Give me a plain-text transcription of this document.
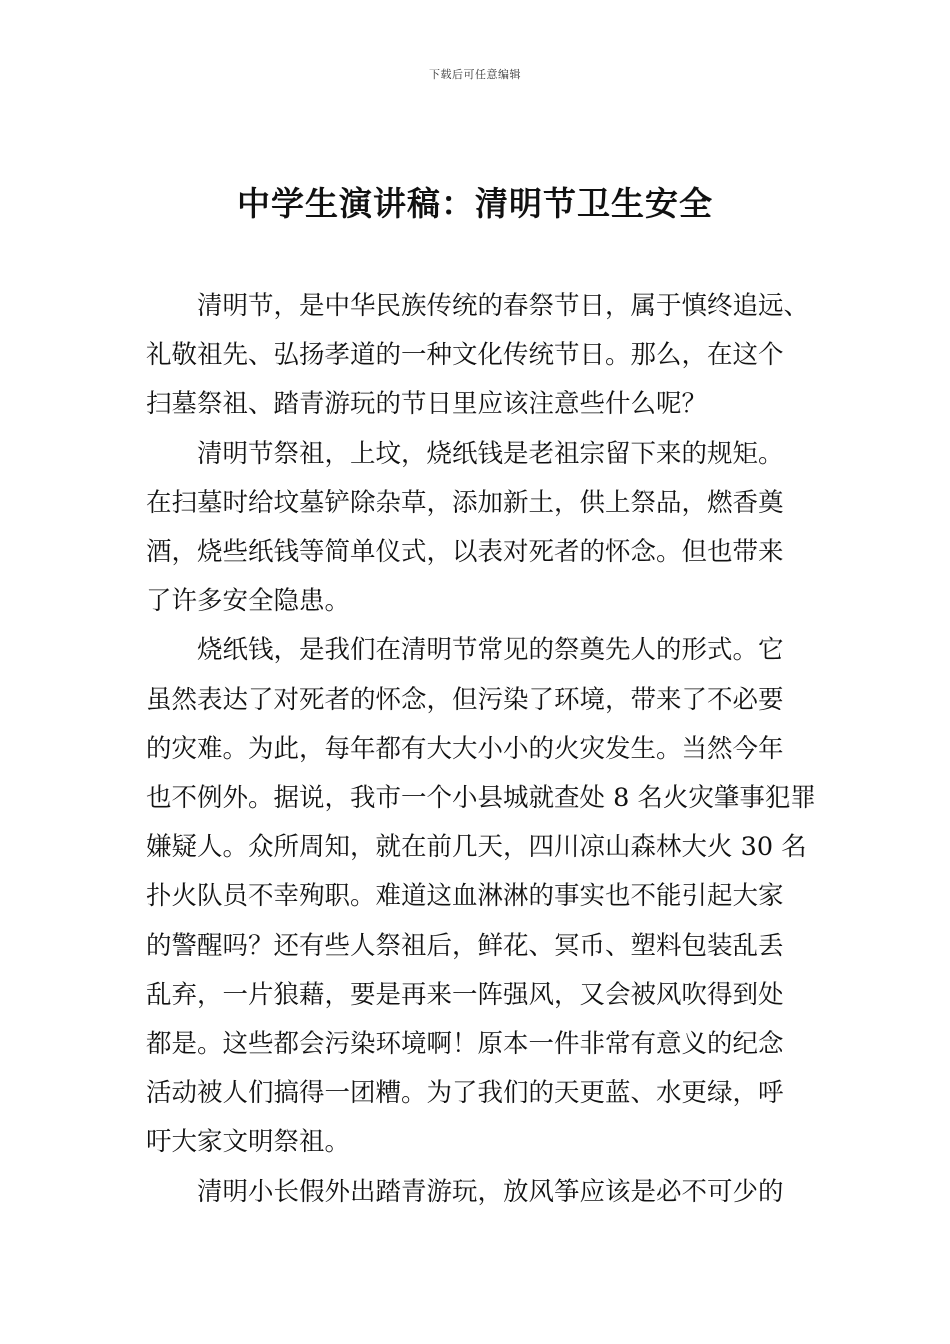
下载后可任意编辑
中学生演讲稿：清明节卫生安全
清明节，是中华民族传统的春祭节日，属于慎终追远、
礼敬祖先、弘扬孝道的一种文化传统节日。那么，在这个
扫墓祭祖、踏青游玩的节日里应该注意些什么呢？
清明节祭祖，上坟，烧纸钱是老祖宗留下来的规矩。
在扫墓时给坟墓铲除杂草，添加新土，供上祭品，燃香奠
酒，烧些纸钱等简单仪式，以表对死者的怀念。但也带来
了许多安全隐患。
烧纸钱，是我们在清明节常见的祭奠先人的形式。它
虽然表达了对死者的怀念，但污染了环境，带来了不必要
的灾难。为此，每年都有大大小小的火灾发生。当然今年
也不例外。据说，我市一个小县城就查处 8 名火灾肇事犯罪
嫌疑人。众所周知，就在前几天，四川凉山森林大火 30 名
扑火队员不幸殉职。难道这血淋淋的事实也不能引起大家
的警醒吗？还有些人祭祖后，鲜花、冥币、塑料包装乱丢
乱弃，一片狼藉，要是再来一阵强风，又会被风吹得到处
都是。这些都会污染环境啊！原本一件非常有意义的纪念
活动被人们搞得一团糟。为了我们的天更蓝、水更绿，呼
吁大家文明祭祖。
清明小长假外出踏青游玩，放风筝应该是必不可少的
